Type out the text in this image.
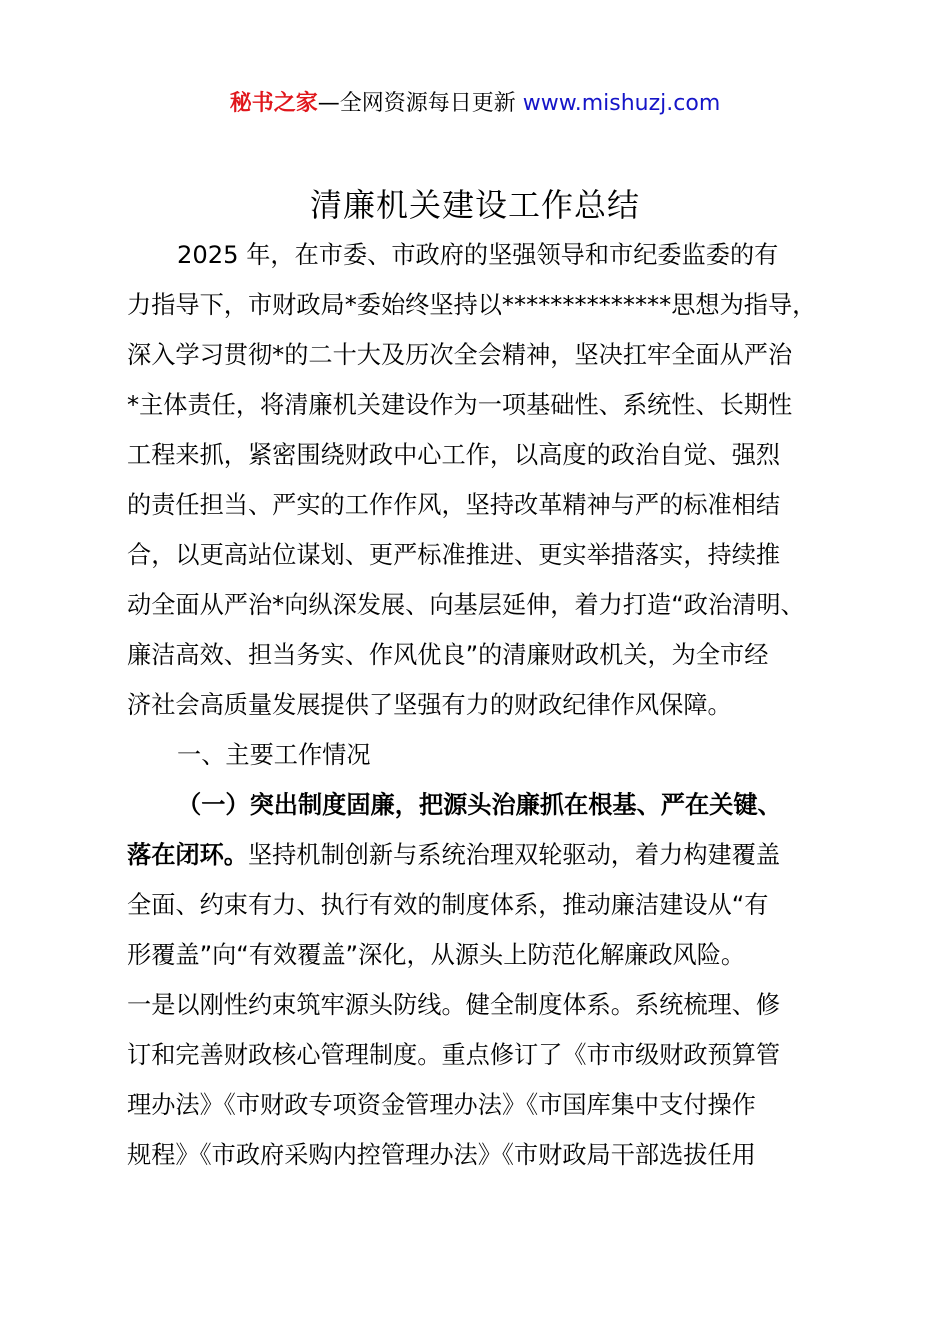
秘书之家—全网资源每日更新 www.mishuzj.com
清廉机关建设工作总结
2025 年，在市委、市政府的坚强领导和市纪委监委的有
力指导下，市财政局*委始终坚持以**************思想为指导，
深入学习贯彻*的二十大及历次全会精神，坚决扛牢全面从严治
*主体责任，将清廉机关建设作为一项基础性、系统性、长期性
工程来抓，紧密围绕财政中心工作，以高度的政治自觉、强烈
的责任担当、严实的工作作风，坚持改革精神与严的标准相结
合，以更高站位谋划、更严标准推进、更实举措落实，持续推
动全面从严治*向纵深发展、向基层延伸，着力打造“政治清明、
廉洁高效、担当务实、作风优良”的清廉财政机关，为全市经
济社会高质量发展提供了坚强有力的财政纪律作风保障。
一、主要工作情况
（一）突出制度固廉，把源头治廉抓在根基、严在关键、
落在闭环。坚持机制创新与系统治理双轮驱动，着力构建覆盖
全面、约束有力、执行有效的制度体系，推动廉洁建设从“有
形覆盖”向“有效覆盖”深化，从源头上防范化解廉政风险。
一是以刚性约束筑牢源头防线。健全制度体系。系统梳理、修
订和完善财政核心管理制度。重点修订了《市市级财政预算管
理办法》《市财政专项资金管理办法》《市国库集中支付操作
规程》《市政府采购内控管理办法》《市财政局干部选拔任用
